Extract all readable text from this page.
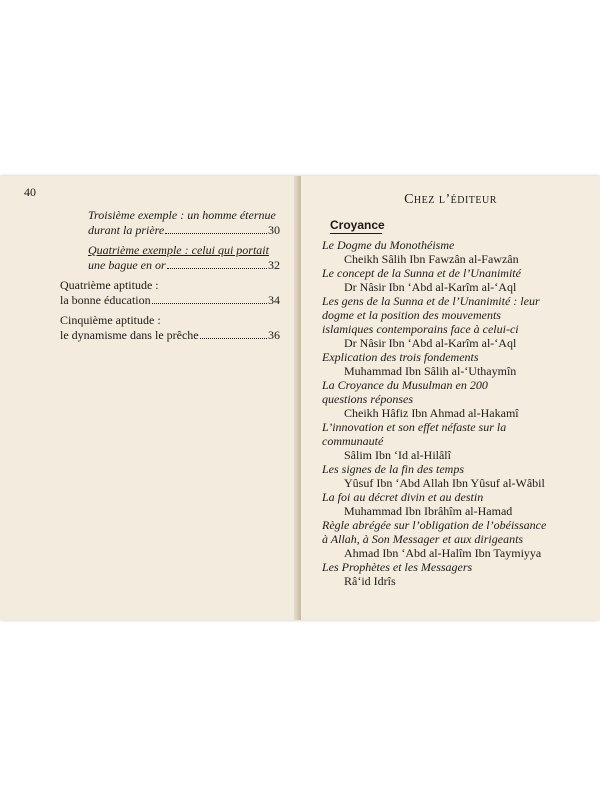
40
Troisième exemple : un homme éternue
durant la prière	30
Quatrième exemple : celui qui portait
une bague en or	32
Quatrième aptitude :
la bonne éducation	34
Cinquième aptitude :
le dynamisme dans le prêche	36
Chez l’éditeur
Croyance
Le Dogme du Monothéisme
Cheikh Sâlih Ibn Fawzân al-Fawzân
Le concept de la Sunna et de l’Unanimité
Dr Nâsir Ibn ‘Abd al-Karîm al-‘Aql
Les gens de la Sunna et de l’Unanimité : leur
dogme et la position des mouvements
islamiques contemporains face à celui-ci
Dr Nâsir Ibn ‘Abd al-Karîm al-‘Aql
Explication des trois fondements
Muhammad Ibn Sâlih al-‘Uthaymîn
La Croyance du Musulman en 200
questions réponses
Cheikh Hâfiz Ibn Ahmad al-Hakamî
L’innovation et son effet néfaste sur la
communauté
Sâlim Ibn ‘Id al-Hilâlî
Les signes de la fin des temps
Yûsuf Ibn ‘Abd Allah Ibn Yûsuf al-Wâbil
La foi au décret divin et au destin
Muhammad Ibn Ibrâhîm al-Hamad
Règle abrégée sur l’obligation de l’obéissance
à Allah, à Son Messager et aux dirigeants
Ahmad Ibn ‘Abd al-Halîm Ibn Taymiyya
Les Prophètes et les Messagers
Râ‘id Idrîs
